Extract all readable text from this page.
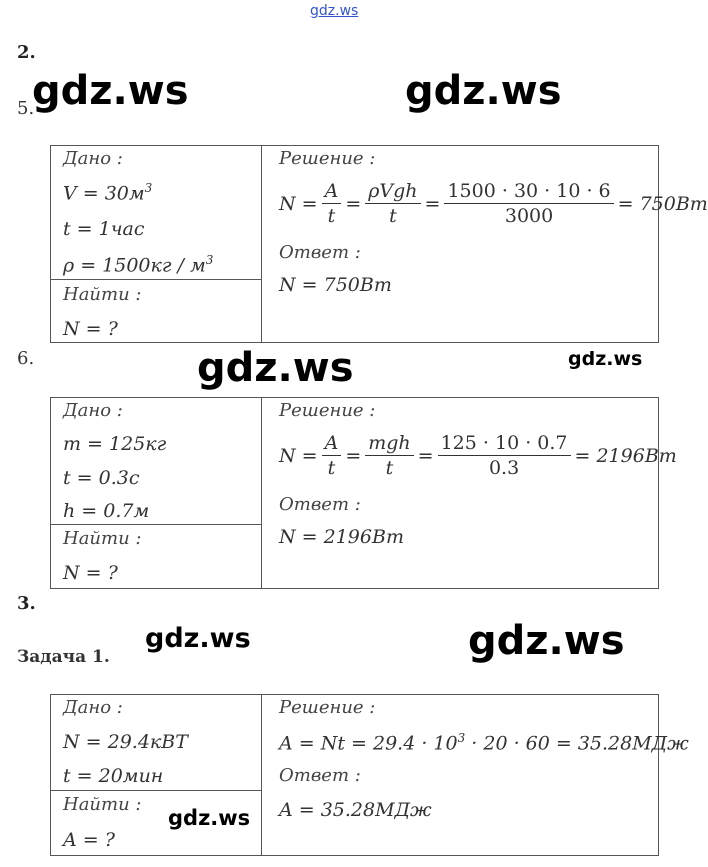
gdz.ws
2.
5.
gdz.ws	gdz.ws
Дано :
$V = 30м^3$
t = 1час
$\rho = 1500кг / м^3$
Найти :
N = ?
Решение :
$N = \frac{A}{t} = \frac{\text{ρVgh}}{t} = \frac{1500 \cdot 30 \cdot 10 \cdot 6}{3000} = 750Вт$
Ответ :
N = 750Вт
6.	gdz.ws	gdz.ws
Дано :
m = 125кг
t = 0.3с
h = 0.7м
Найти :
N = ?
Решение :
$N = \frac{A}{t} = \frac{\text{mgh}}{t} = \frac{125 \cdot 10 \cdot 0.7}{0.3} = 2196Вт$
Ответ :
N = 2196Вт
3.
Задача 1.
gdz.ws	gdz.ws
Дано :
N = 29.4кВТ
t = 20мин
Найти :
A = ?
Решение :
$A = Nt = 29.4 \cdot 10^3 \cdot 20 \cdot 60 = 35.28МДж$
Ответ :
A = 35.28МДж
gdz.ws
